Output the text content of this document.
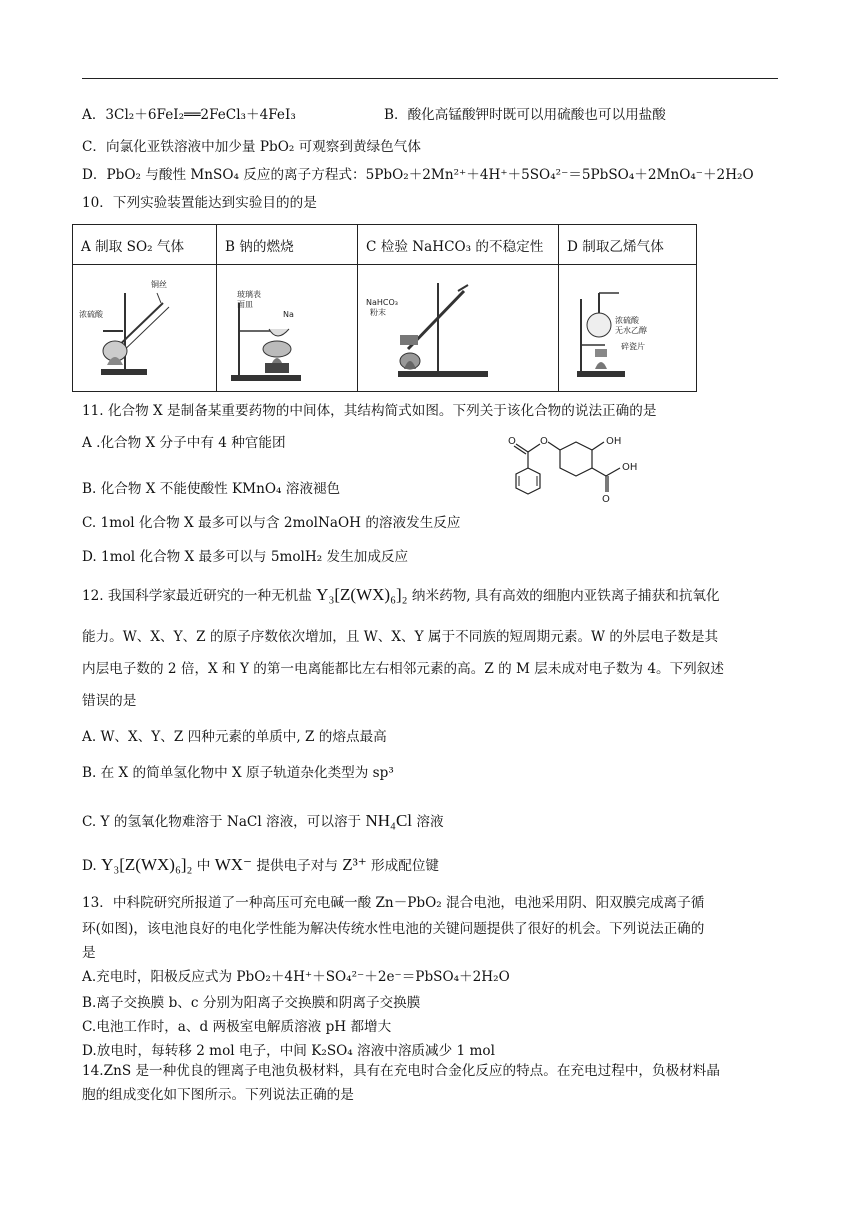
A．3Cl₂＋6FeI₂══2FeCl₃＋4FeI₃	B．酸化高锰酸钾时既可以用硫酸也可以用盐酸
C．向氯化亚铁溶液中加少量 PbO₂ 可观察到黄绿色气体
D．PbO₂ 与酸性 MnSO₄ 反应的离子方程式：5PbO₂＋2Mn²⁺＋4H⁺＋5SO₄²⁻＝5PbSO₄＋2MnO₄⁻＋2H₂O
10．下列实验装置能达到实验目的的是
A 制取 SO₂ 气体	B 钠的燃烧	C 检验 NaHCO₃ 的不稳定性	D 制取乙烯气体

浓硫酸
铜丝	玻璃表
面皿
Na	NaHCO₃
粉末	浓硫酸
无水乙醇
碎瓷片
11. 化合物 X 是制备某重要药物的中间体，其结构简式如图。下列关于该化合物的说法正确的是
A .化合物 X 分子中有 4 种官能团
B. 化合物 X 不能使酸性 KMnO₄ 溶液褪色
C. 1mol 化合物 X 最多可以与含 2molNaOH 的溶液发生反应
D. 1mol 化合物 X 最多可以与 5molH₂ 发生加成反应
O O	OH
OH
O
12. 我国科学家最近研究的一种无机盐 Y₃[Z(WX)₆]₂ 纳米药物, 具有高效的细胞内亚铁离子捕获和抗氧化
能力。W、X、Y、Z 的原子序数依次增加，且 W、X、Y 属于不同族的短周期元素。W 的外层电子数是其
内层电子数的 2 倍，X 和 Y 的第一电离能都比左右相邻元素的高。Z 的 M 层未成对电子数为 4。下列叙述
错误的是
A. W、X、Y、Z 四种元素的单质中, Z 的熔点最高
B. 在 X 的简单氢化物中 X 原子轨道杂化类型为 sp³
C. Y 的氢氧化物难溶于 NaCl 溶液，可以溶于 NH₄Cl 溶液
D. Y₃[Z(WX)₆]₂ 中 WX⁻ 提供电子对与 Z³⁺ 形成配位键
13．中科院研究所报道了一种高压可充电碱一酸 Zn－PbO₂ 混合电池，电池采用阴、阳双膜完成离子循
环(如图)，该电池良好的电化学性能为解决传统水性电池的关键问题提供了很好的机会。下列说法正确的
是
A.充电时，阳极反应式为 PbO₂＋4H⁺＋SO₄²⁻＋2e⁻＝PbSO₄＋2H₂O
B.离子交换膜 b、c 分别为阳离子交换膜和阴离子交换膜
C.电池工作时，a、d 两极室电解质溶液 pH 都增大
D.放电时，每转移 2 mol 电子，中间 K₂SO₄ 溶液中溶质减少 1 mol
14.ZnS 是一种优良的锂离子电池负极材料，具有在充电时合金化反应的特点。在充电过程中，负极材料晶
胞的组成变化如下图所示。下列说法正确的是
